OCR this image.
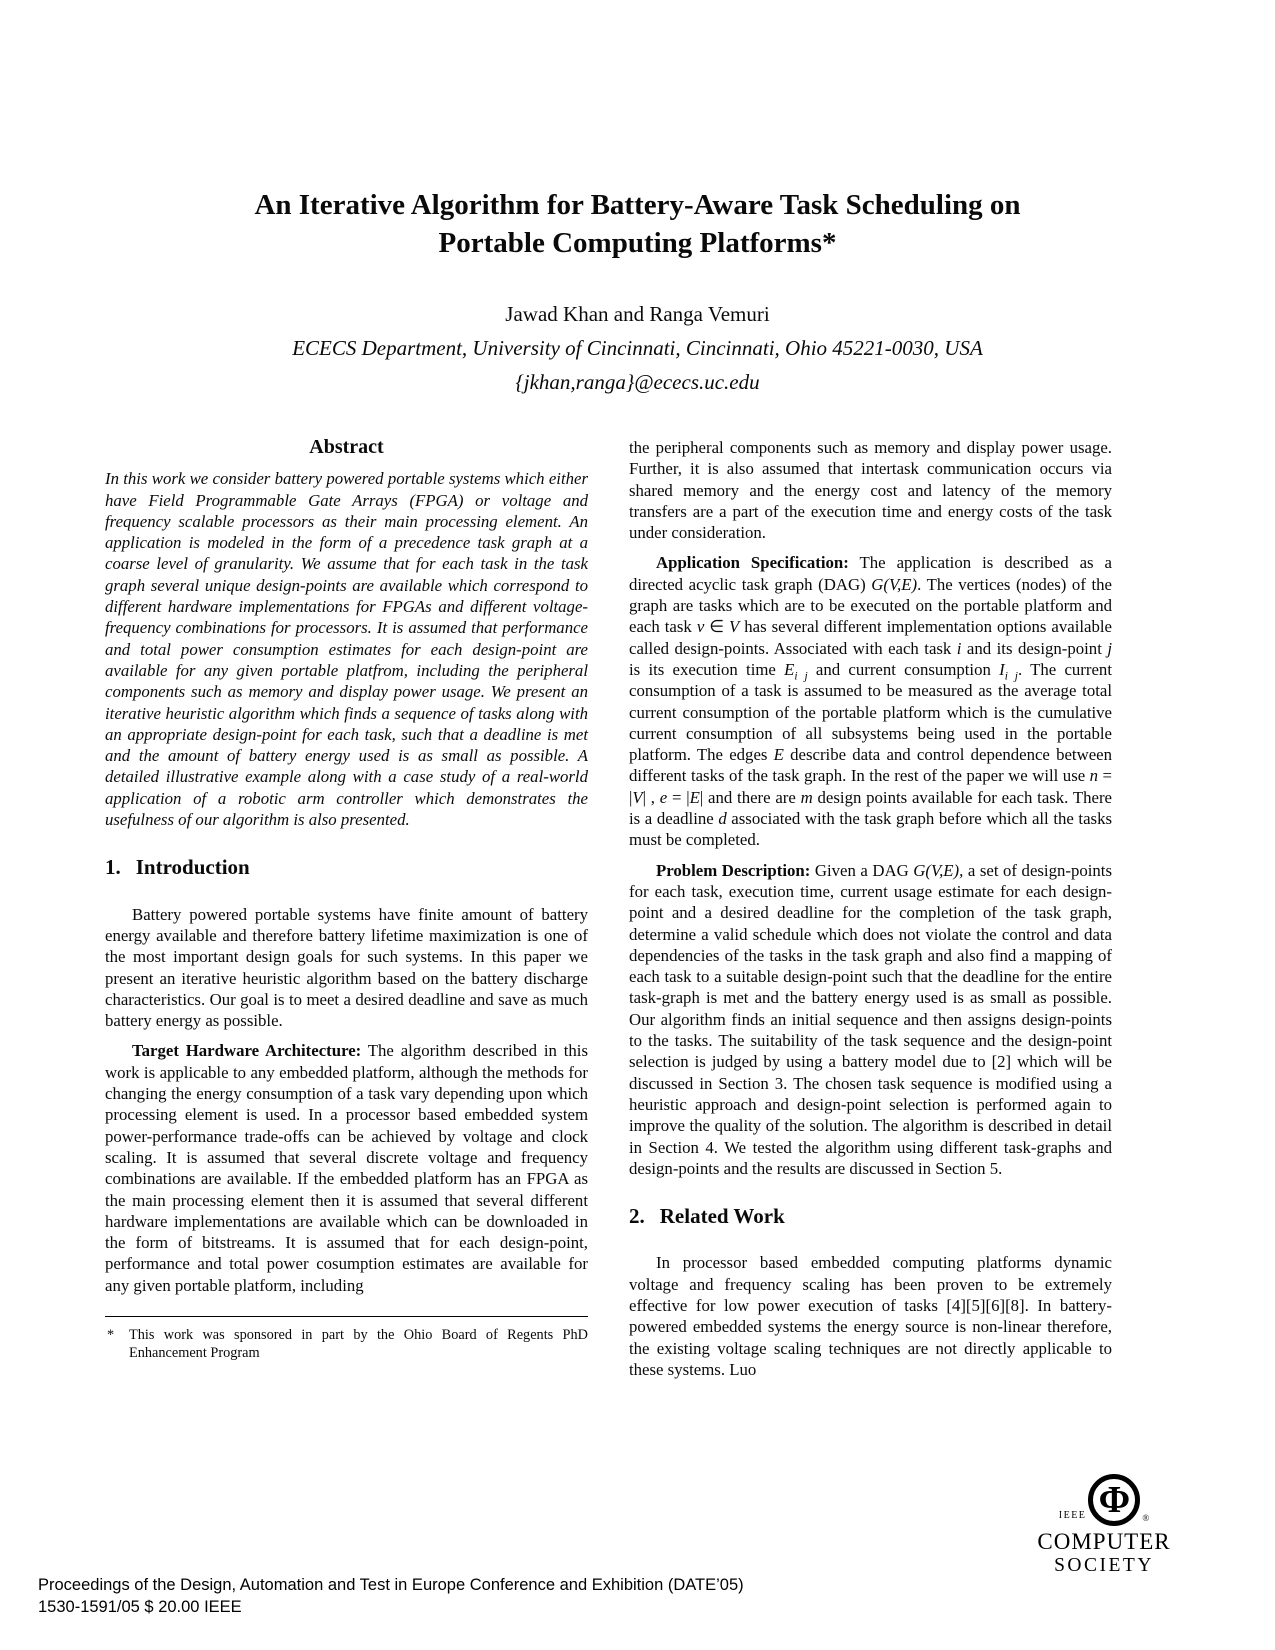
An Iterative Algorithm for Battery-Aware Task Scheduling on
Portable Computing Platforms*
Jawad Khan and Ranga Vemuri
ECECS Department, University of Cincinnati, Cincinnati, Ohio 45221-0030, USA
{jkhan,ranga}@ececs.uc.edu
Abstract

In this work we consider battery powered portable systems which either have Field Programmable Gate Arrays (FPGA) or voltage and frequency scalable processors as their main processing element. An application is modeled in the form of a precedence task graph at a coarse level of granularity. We assume that for each task in the task graph several unique design-points are available which correspond to different hardware implementations for FPGAs and different voltage-frequency combinations for processors. It is assumed that performance and total power consumption estimates for each design-point are available for any given portable platfrom, including the peripheral components such as memory and display power usage. We present an iterative heuristic algorithm which finds a sequence of tasks along with an appropriate design-point for each task, such that a deadline is met and the amount of battery energy used is as small as possible. A detailed illustrative example along with a case study of a real-world application of a robotic arm controller which demonstrates the usefulness of our algorithm is also presented.

1. Introduction

Battery powered portable systems have finite amount of battery energy available and therefore battery lifetime maximization is one of the most important design goals for such systems. In this paper we present an iterative heuristic algorithm based on the battery discharge characteristics. Our goal is to meet a desired deadline and save as much battery energy as possible.

Target Hardware Architecture: The algorithm described in this work is applicable to any embedded platform, although the methods for changing the energy consumption of a task vary depending upon which processing element is used. In a processor based embedded system power-performance trade-offs can be achieved by voltage and clock scaling. It is assumed that several discrete voltage and frequency combinations are available. If the embedded platform has an FPGA as the main processing element then it is assumed that several different hardware implementations are available which can be downloaded in the form of bitstreams. It is assumed that for each design-point, performance and total power cosumption estimates are available for any given portable platform, including

* This work was sponsored in part by the Ohio Board of Regents PhD Enhancement Program

the peripheral components such as memory and display power usage. Further, it is also assumed that intertask communication occurs via shared memory and the energy cost and latency of the memory transfers are a part of the execution time and energy costs of the task under consideration.

Application Specification: The application is described as a directed acyclic task graph (DAG) G(V,E). The vertices (nodes) of the graph are tasks which are to be executed on the portable platform and each task v ∈ V has several different implementation options available called design-points. Associated with each task i and its design-point j is its execution time $E_{i j}$ and current consumption $I_{i j}$. The current consumption of a task is assumed to be measured as the average total current consumption of the portable platform which is the cumulative current consumption of all subsystems being used in the portable platform. The edges E describe data and control dependence between different tasks of the task graph. In the rest of the paper we will use n = |V| , e = |E| and there are m design points available for each task. There is a deadline d associated with the task graph before which all the tasks must be completed.

Problem Description: Given a DAG G(V,E), a set of design-points for each task, execution time, current usage estimate for each design-point and a desired deadline for the completion of the task graph, determine a valid schedule which does not violate the control and data dependencies of the tasks in the task graph and also find a mapping of each task to a suitable design-point such that the deadline for the entire task-graph is met and the battery energy used is as small as possible. Our algorithm finds an initial sequence and then assigns design-points to the tasks. The suitability of the task sequence and the design-point selection is judged by using a battery model due to [2] which will be discussed in Section 3. The chosen task sequence is modified using a heuristic approach and design-point selection is performed again to improve the quality of the solution. The algorithm is described in detail in Section 4. We tested the algorithm using different task-graphs and design-points and the results are discussed in Section 5.

2. Related Work

In processor based embedded computing platforms dynamic voltage and frequency scaling has been proven to be extremely effective for low power execution of tasks [4][5][6][8]. In battery-powered embedded systems the energy source is non-linear therefore, the existing voltage scaling techniques are not directly applicable to these systems. Luo

Proceedings of the Design, Automation and Test in Europe Conference and Exhibition (DATE’05)
1530-1591/05 $ 20.00 IEEE
IEEE Φ	®
COMPUTER
SOCIETY
